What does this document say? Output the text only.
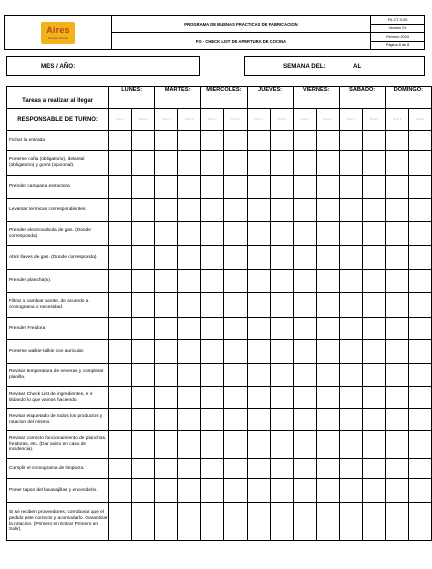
Aires
Neuquén Foods	PROGRAMA DE BUENAS PRACTICAS DE FABRICACION	FA-CT-0-00
		Versión 01
	FO - CHECK LIST DE APERTURA DE COCINA	Febrero 2024
		Página 8 de 8
MES / AÑO:	SEMANA DEL:	AL
Tareas a realizar al llegar	LUNES:		MARTES:		MIÉRCOLES:		JUEVES:		VIERNES:		SÁBADO:		DOMINGO:	
RESPONSABLE DE TURNO:	Turno 1	Turno 2	Turno 1	Turno 2	Turno 1	Turno 2	Turno 1	Turno 2	Turno 1	Turno 2	Turno 1	Turno 2	Turno 1	Turno 2
Fichar la entrada														
Ponerse cofia (obligatorio), delantal (obligatorio) y gorra (opcional).														
Prender campana extractora														
Levantar termicas correspondientes.														
Prender electrovalvula de gas. (Donde corresponda)														
Abrir llaves de gas. (Donde corresponda)														
Prender plancha(s).														
Filtrar o cambiar aceite, de acuerdo a cronograma o necesidad.														
Prender Freidora														
Ponerse walkie-talkie con auricular.														
Revisar temperatura de neveras y completar planilla.														
Revisar Check List de ingredientes, e ir tildando lo que vamos haciendo.														
Revisar etiquetado de todos los productos y rotacion del mismo.														
Revisar correcto funcionamiento de planchas, freidoras, etc. (Dar aviso en caso de incidencia).														
Cumplir el cronograma de limpieza.														
Poner tapon del lavavajillas y encenderlo.														
Si se reciben proveedores, corroborar que el pedido este correcto y acomodarlo. Garantizar la rotacion. (Primero en Entrar Primero en Salir).														
